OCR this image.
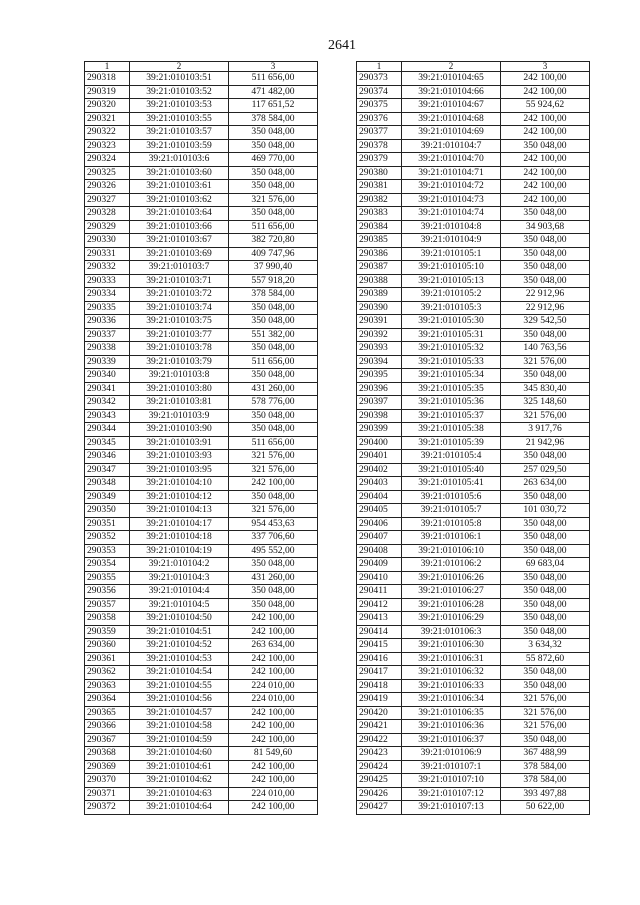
2641
1	2	3
290318	39:21:010103:51	511 656,00
290319	39:21:010103:52	471 482,00
290320	39:21:010103:53	117 651,52
290321	39:21:010103:55	378 584,00
290322	39:21:010103:57	350 048,00
290323	39:21:010103:59	350 048,00
290324	39:21:010103:6	469 770,00
290325	39:21:010103:60	350 048,00
290326	39:21:010103:61	350 048,00
290327	39:21:010103:62	321 576,00
290328	39:21:010103:64	350 048,00
290329	39:21:010103:66	511 656,00
290330	39:21:010103:67	382 720,80
290331	39:21:010103:69	409 747,96
290332	39:21:010103:7	37 990,40
290333	39:21:010103:71	557 918,20
290334	39:21:010103:72	378 584,00
290335	39:21:010103:74	350 048,00
290336	39:21:010103:75	350 048,00
290337	39:21:010103:77	551 382,00
290338	39:21:010103:78	350 048,00
290339	39:21:010103:79	511 656,00
290340	39:21:010103:8	350 048,00
290341	39:21:010103:80	431 260,00
290342	39:21:010103:81	578 776,00
290343	39:21:010103:9	350 048,00
290344	39:21:010103:90	350 048,00
290345	39:21:010103:91	511 656,00
290346	39:21:010103:93	321 576,00
290347	39:21:010103:95	321 576,00
290348	39:21:010104:10	242 100,00
290349	39:21:010104:12	350 048,00
290350	39:21:010104:13	321 576,00
290351	39:21:010104:17	954 453,63
290352	39:21:010104:18	337 706,60
290353	39:21:010104:19	495 552,00
290354	39:21:010104:2	350 048,00
290355	39:21:010104:3	431 260,00
290356	39:21:010104:4	350 048,00
290357	39:21:010104:5	350 048,00
290358	39:21:010104:50	242 100,00
290359	39:21:010104:51	242 100,00
290360	39:21:010104:52	263 634,00
290361	39:21:010104:53	242 100,00
290362	39:21:010104:54	242 100,00
290363	39:21:010104:55	224 010,00
290364	39:21:010104:56	224 010,00
290365	39:21:010104:57	242 100,00
290366	39:21:010104:58	242 100,00
290367	39:21:010104:59	242 100,00
290368	39:21:010104:60	81 549,60
290369	39:21:010104:61	242 100,00
290370	39:21:010104:62	242 100,00
290371	39:21:010104:63	224 010,00
290372	39:21:010104:64	242 100,00
1	2	3
290373	39:21:010104:65	242 100,00
290374	39:21:010104:66	242 100,00
290375	39:21:010104:67	55 924,62
290376	39:21:010104:68	242 100,00
290377	39:21:010104:69	242 100,00
290378	39:21:010104:7	350 048,00
290379	39:21:010104:70	242 100,00
290380	39:21:010104:71	242 100,00
290381	39:21:010104:72	242 100,00
290382	39:21:010104:73	242 100,00
290383	39:21:010104:74	350 048,00
290384	39:21:010104:8	34 903,68
290385	39:21:010104:9	350 048,00
290386	39:21:010105:1	350 048,00
290387	39:21:010105:10	350 048,00
290388	39:21:010105:13	350 048,00
290389	39:21:010105:2	22 912,96
290390	39:21:010105:3	22 912,96
290391	39:21:010105:30	329 542,50
290392	39:21:010105:31	350 048,00
290393	39:21:010105:32	140 763,56
290394	39:21:010105:33	321 576,00
290395	39:21:010105:34	350 048,00
290396	39:21:010105:35	345 830,40
290397	39:21:010105:36	325 148,60
290398	39:21:010105:37	321 576,00
290399	39:21:010105:38	3 917,76
290400	39:21:010105:39	21 942,96
290401	39:21:010105:4	350 048,00
290402	39:21:010105:40	257 029,50
290403	39:21:010105:41	263 634,00
290404	39:21:010105:6	350 048,00
290405	39:21:010105:7	101 030,72
290406	39:21:010105:8	350 048,00
290407	39:21:010106:1	350 048,00
290408	39:21:010106:10	350 048,00
290409	39:21:010106:2	69 683,04
290410	39:21:010106:26	350 048,00
290411	39:21:010106:27	350 048,00
290412	39:21:010106:28	350 048,00
290413	39:21:010106:29	350 048,00
290414	39:21:010106:3	350 048,00
290415	39:21:010106:30	3 634,32
290416	39:21:010106:31	55 872,60
290417	39:21:010106:32	350 048,00
290418	39:21:010106:33	350 048,00
290419	39:21:010106:34	321 576,00
290420	39:21:010106:35	321 576,00
290421	39:21:010106:36	321 576,00
290422	39:21:010106:37	350 048,00
290423	39:21:010106:9	367 488,99
290424	39:21:010107:1	378 584,00
290425	39:21:010107:10	378 584,00
290426	39:21:010107:12	393 497,88
290427	39:21:010107:13	50 622,00
